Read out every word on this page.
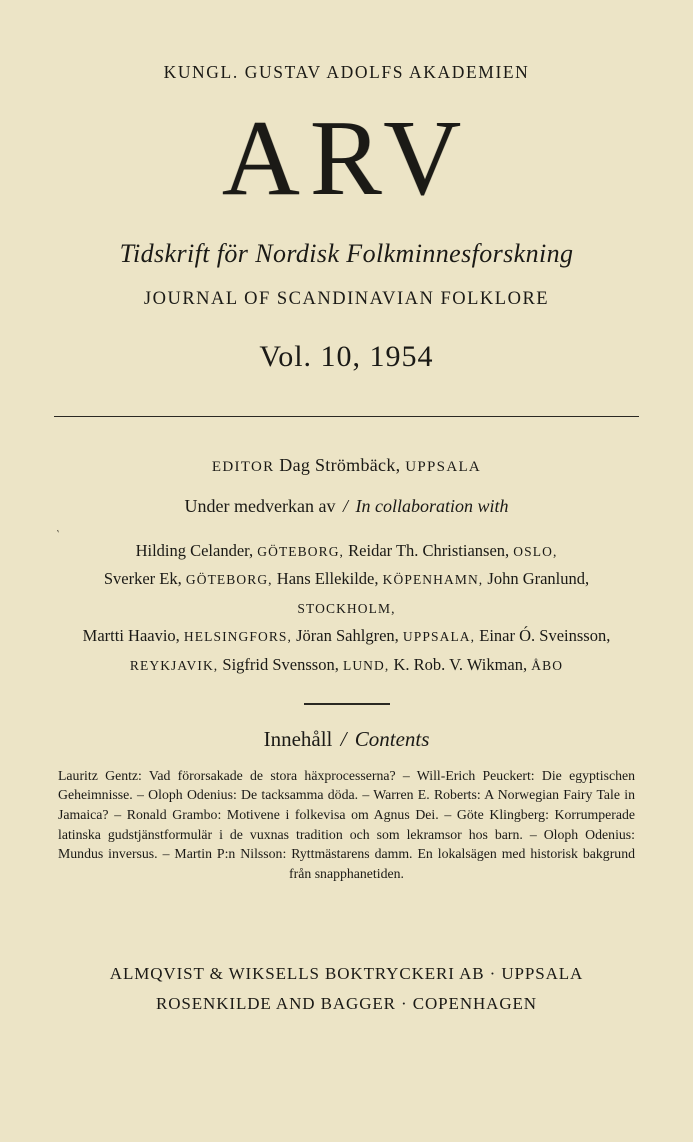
KUNGL. GUSTAV ADOLFS AKADEMIEN
ARV
Tidskrift för Nordisk Folkminnesforskning
JOURNAL OF SCANDINAVIAN FOLKLORE
Vol. 10, 1954
'
EDITOR Dag Strömbäck, UPPSALA
Under medverkan av / In collaboration with
Hilding Celander, GÖTEBORG, Reidar Th. Christiansen, OSLO,
Sverker Ek, GÖTEBORG, Hans Ellekilde, KÖPENHAMN, John Granlund, STOCKHOLM,
Martti Haavio, HELSINGFORS, Jöran Sahlgren, UPPSALA, Einar Ó. Sveinsson,
REYKJAVIK, Sigfrid Svensson, LUND, K. Rob. V. Wikman, ÅBO
Innehåll / Contents
Lauritz Gentz: Vad förorsakade de stora häxprocesserna? – Will-Erich Peuckert: Die egyptischen Geheimnisse. – Oloph Odenius: De tacksamma döda. – Warren E. Roberts: A Norwegian Fairy Tale in Jamaica? – Ronald Grambo: Motivene i folkevisa om Agnus Dei. – Göte Klingberg: Korrumperade latinska gudstjänstformulär i de vuxnas tradition och som lekramsor hos barn. – Oloph Odenius: Mundus inversus. – Martin P:n Nilsson: Ryttmästarens damm. En lokalsägen med historisk bakgrund från snapphanetiden.
ALMQVIST & WIKSELLS BOKTRYCKERI AB · UPPSALA
ROSENKILDE AND BAGGER · COPENHAGEN
